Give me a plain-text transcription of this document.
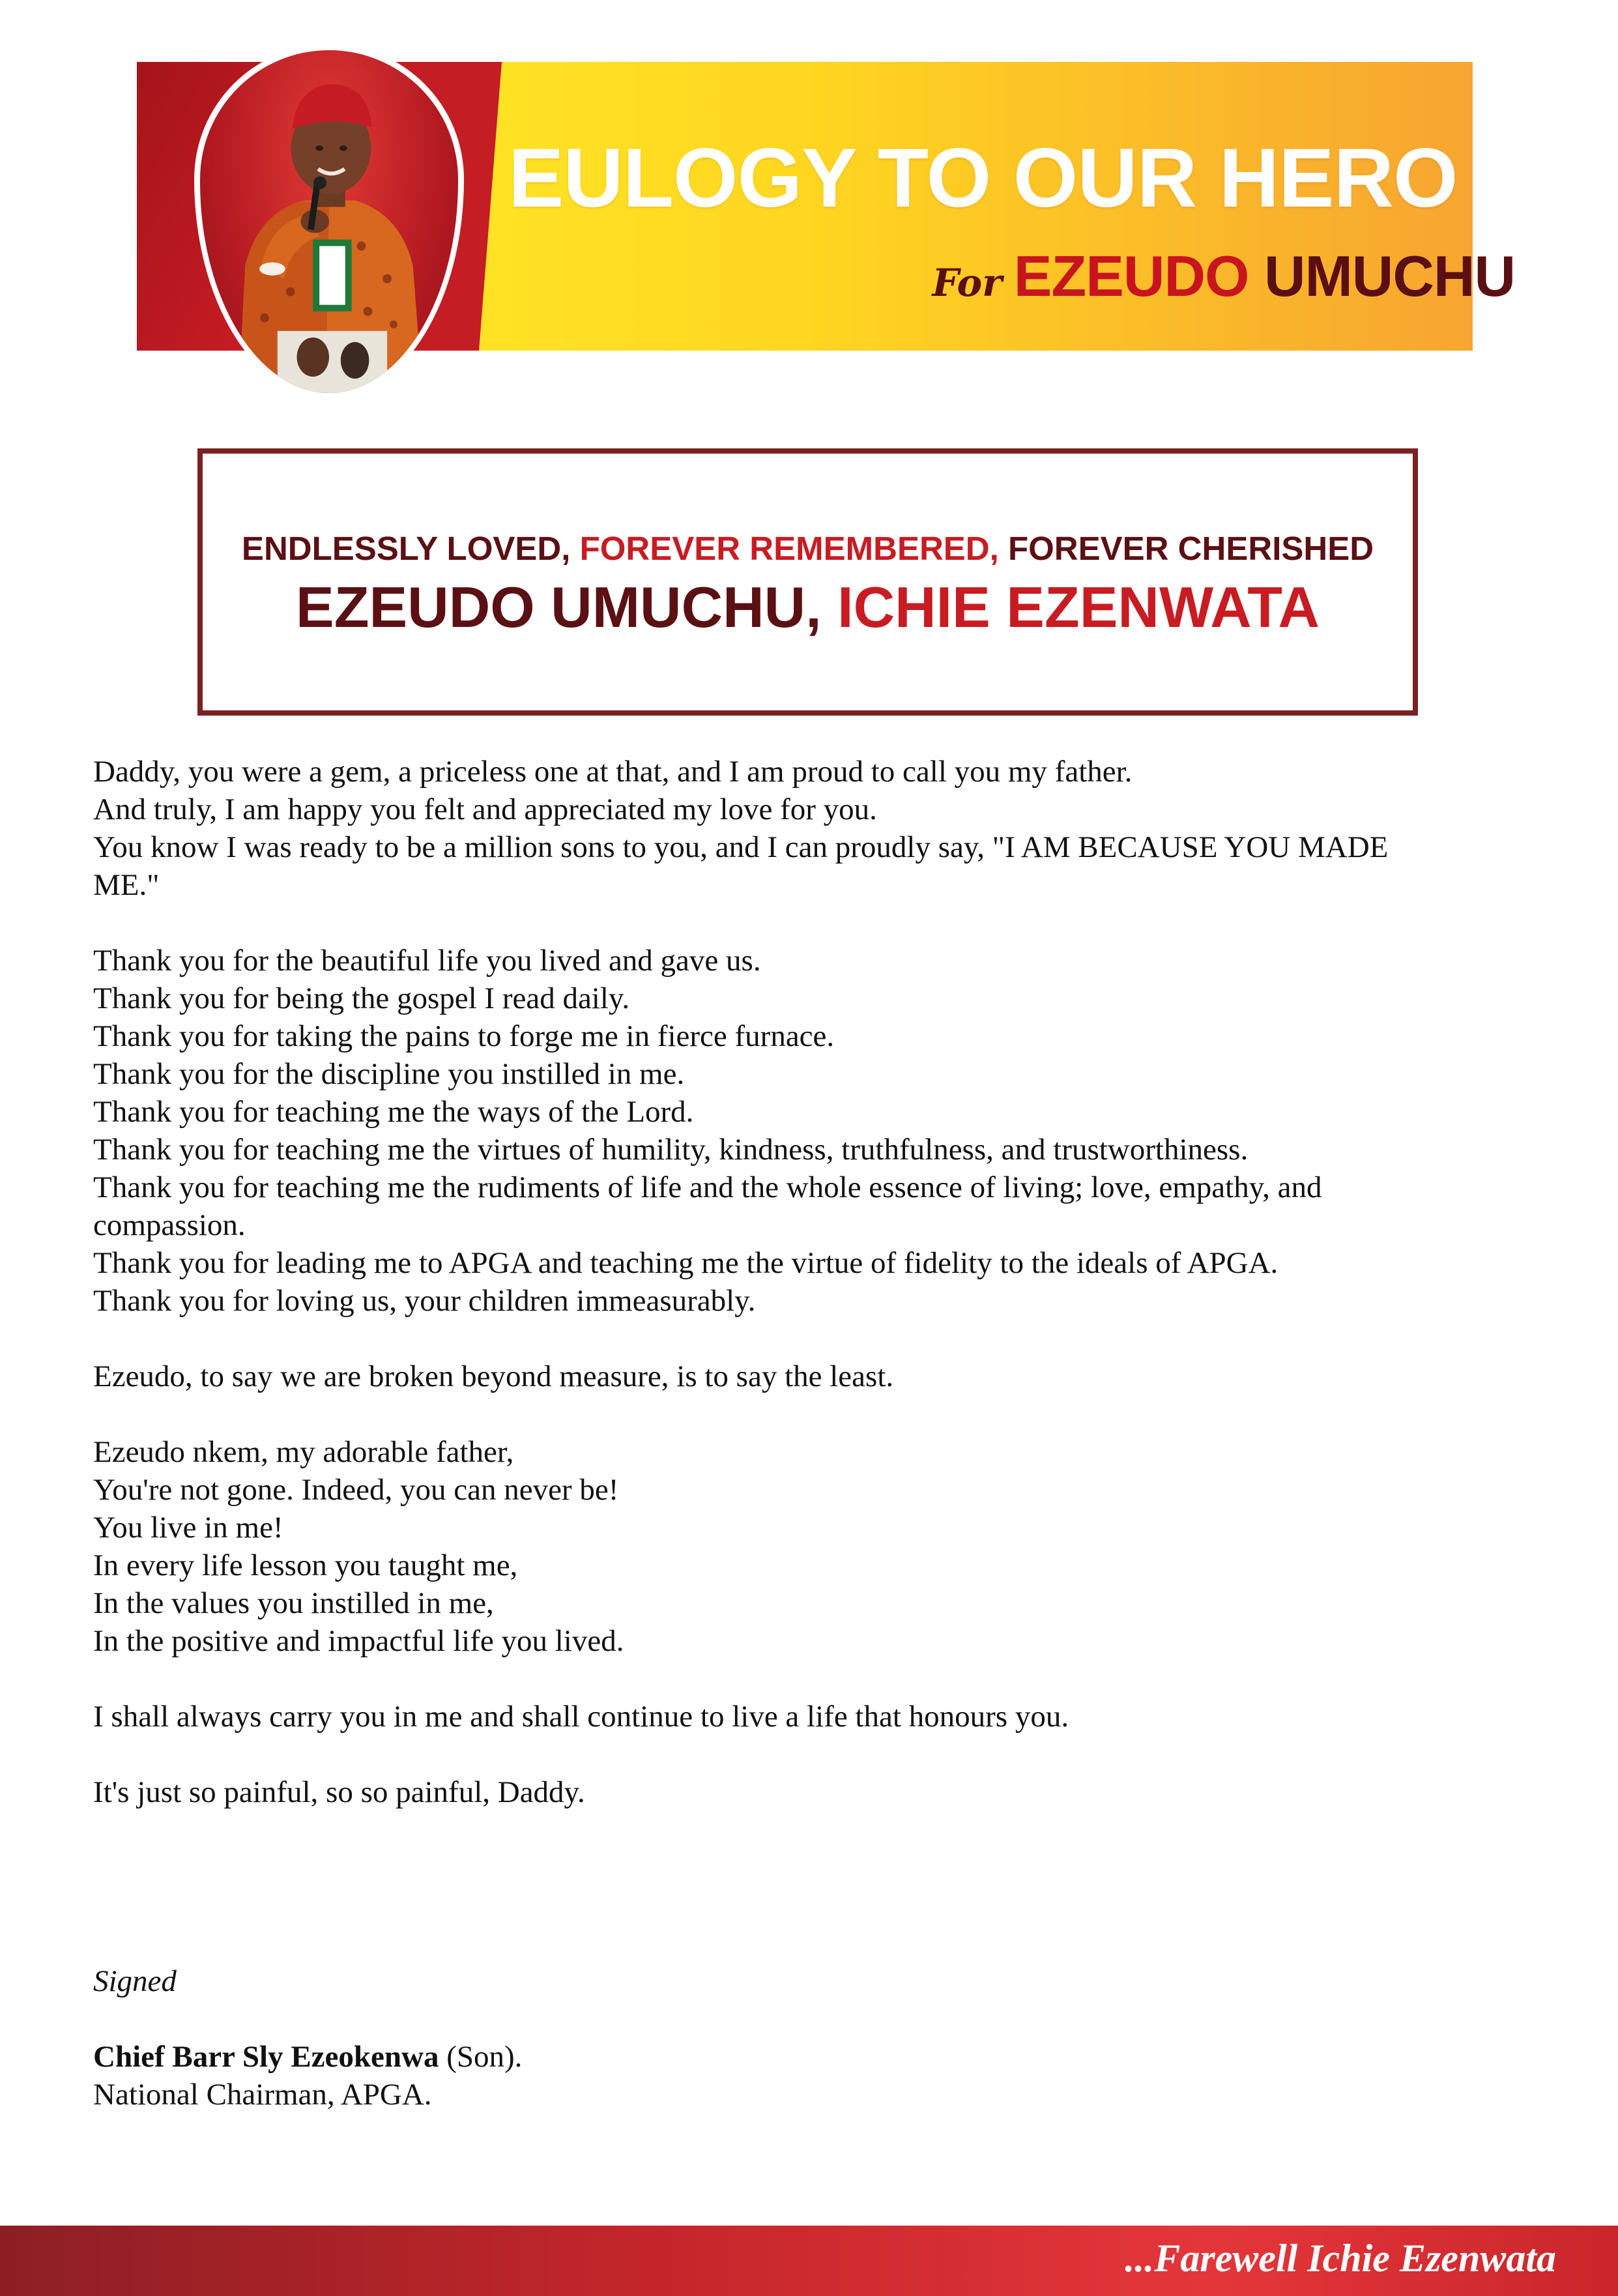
EULOGY TO OUR HERO
For EZEUDO UMUCHU
ENDLESSLY LOVED, FOREVER REMEMBERED, FOREVER CHERISHED
EZEUDO UMUCHU, ICHIE EZENWATA

Daddy, you were a gem, a priceless one at that, and I am proud to call you my father.

And truly, I am happy you felt and appreciated my love for you.

You know I was ready to be a million sons to you, and I can proudly say, "I AM BECAUSE YOU MADE

ME."

Thank you for the beautiful life you lived and gave us.

Thank you for being the gospel I read daily.

Thank you for taking the pains to forge me in fierce furnace.

Thank you for the discipline you instilled in me.

Thank you for teaching me the ways of the Lord.

Thank you for teaching me the virtues of humility, kindness, truthfulness, and trustworthiness.

Thank you for teaching me the rudiments of life and the whole essence of living; love, empathy, and

compassion.

Thank you for leading me to APGA and teaching me the virtue of fidelity to the ideals of APGA.

Thank you for loving us, your children immeasurably.

Ezeudo, to say we are broken beyond measure, is to say the least.

Ezeudo nkem, my adorable father,

You're not gone. Indeed, you can never be!

You live in me!

In every life lesson you taught me,

In the values you instilled in me,

In the positive and impactful life you lived.

I shall always carry you in me and shall continue to live a life that honours you.

It's just so painful, so so painful, Daddy.

Signed

Chief Barr Sly Ezeokenwa (Son).

National Chairman, APGA.

...Farewell Ichie Ezenwata
